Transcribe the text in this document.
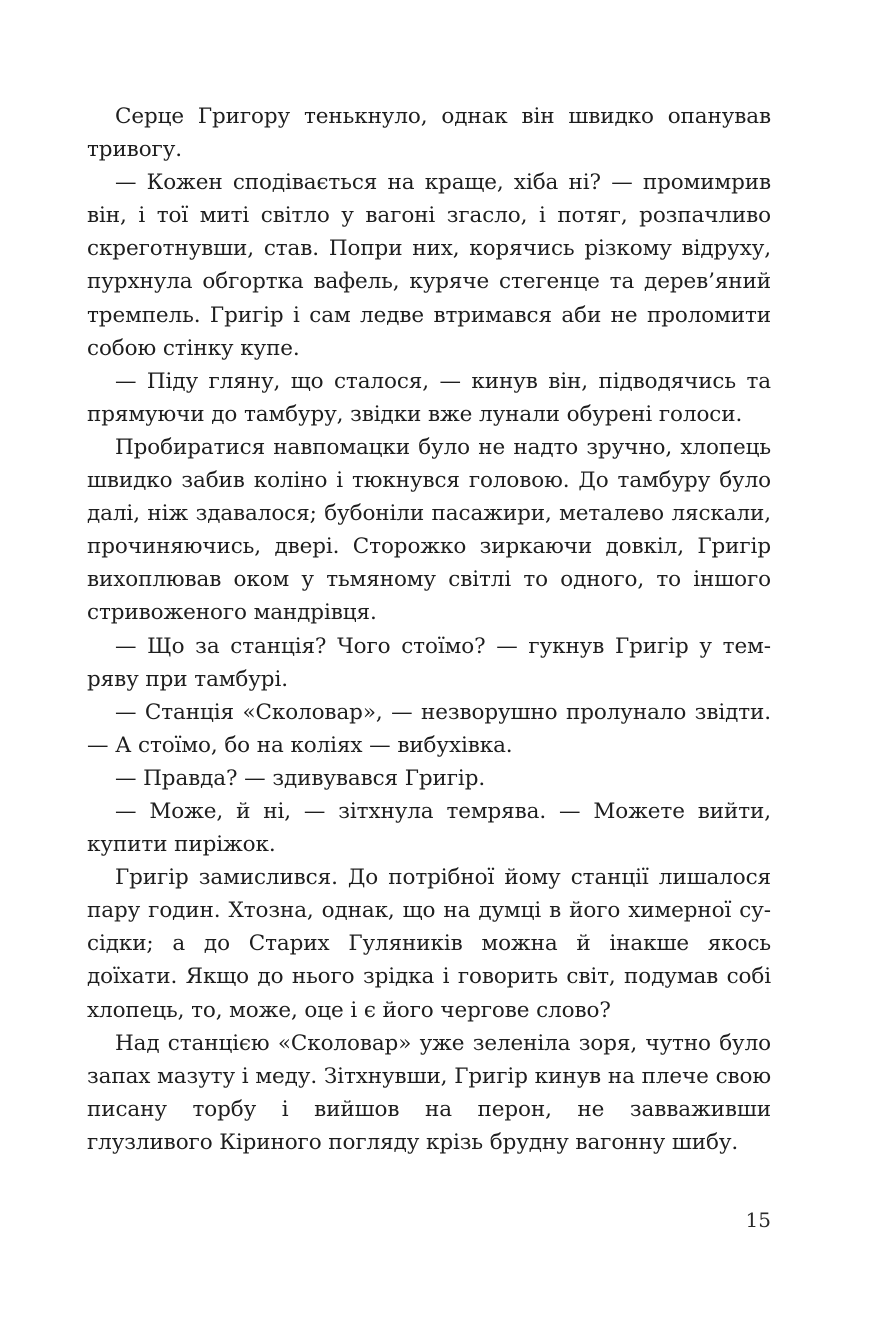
Серце Григору тенькнуло, однак він швидко опанував тривогу.

— Кожен сподівається на краще, хіба ні? — промимрив він, і тої миті світло у вагоні згасло, і потяг, розпачливо скреготнувши, став. Попри них, корячись різкому відруху, пурхнула обгортка вафель, куряче стегенце та дерев’яний тремпель. Григір і сам ледве втримався аби не проломити собою стінку купе.

— Піду гляну, що сталося, — кинув він, підводячись та прямуючи до тамбуру, звідки вже лунали обурені голоси.

Пробиратися навпомацки було не надто зручно, хлопець швидко забив коліно і тюкнувся головою. До тамбуру було далі, ніж здавалося; бубоніли пасажири, металево ляскали, прочиняючись, двері. Сторожко зиркаючи довкіл, Григір вихоплював оком у тьмяному світлі то одного, то іншого стривоженого мандрівця.

— Що за станція? Чого стоїмо? — гукнув Григір у темряву при тамбурі.

— Станція «Сколовар», — незворушно пролунало звідти. — А стоїмо, бо на коліях — вибухівка.

— Правда? — здивувався Григір.

— Може, й ні, — зітхнула темрява. — Можете вийти, купити пиріжок.

Григір замислився. До потрібної йому станції лишалося пару годин. Хтозна, однак, що на думці в його химерної сусідки; а до Старих Гуляників можна й інакше якось доїхати. Якщо до нього зрідка і говорить світ, подумав собі хлопець, то, може, оце і є його чергове слово?

Над станцією «Сколовар» уже зеленіла зоря, чутно було запах мазуту і меду. Зітхнувши, Григір кинув на плече свою писану торбу і вийшов на перон, не завваживши глузливого Кіриного погляду крізь брудну вагонну шибу.

15
